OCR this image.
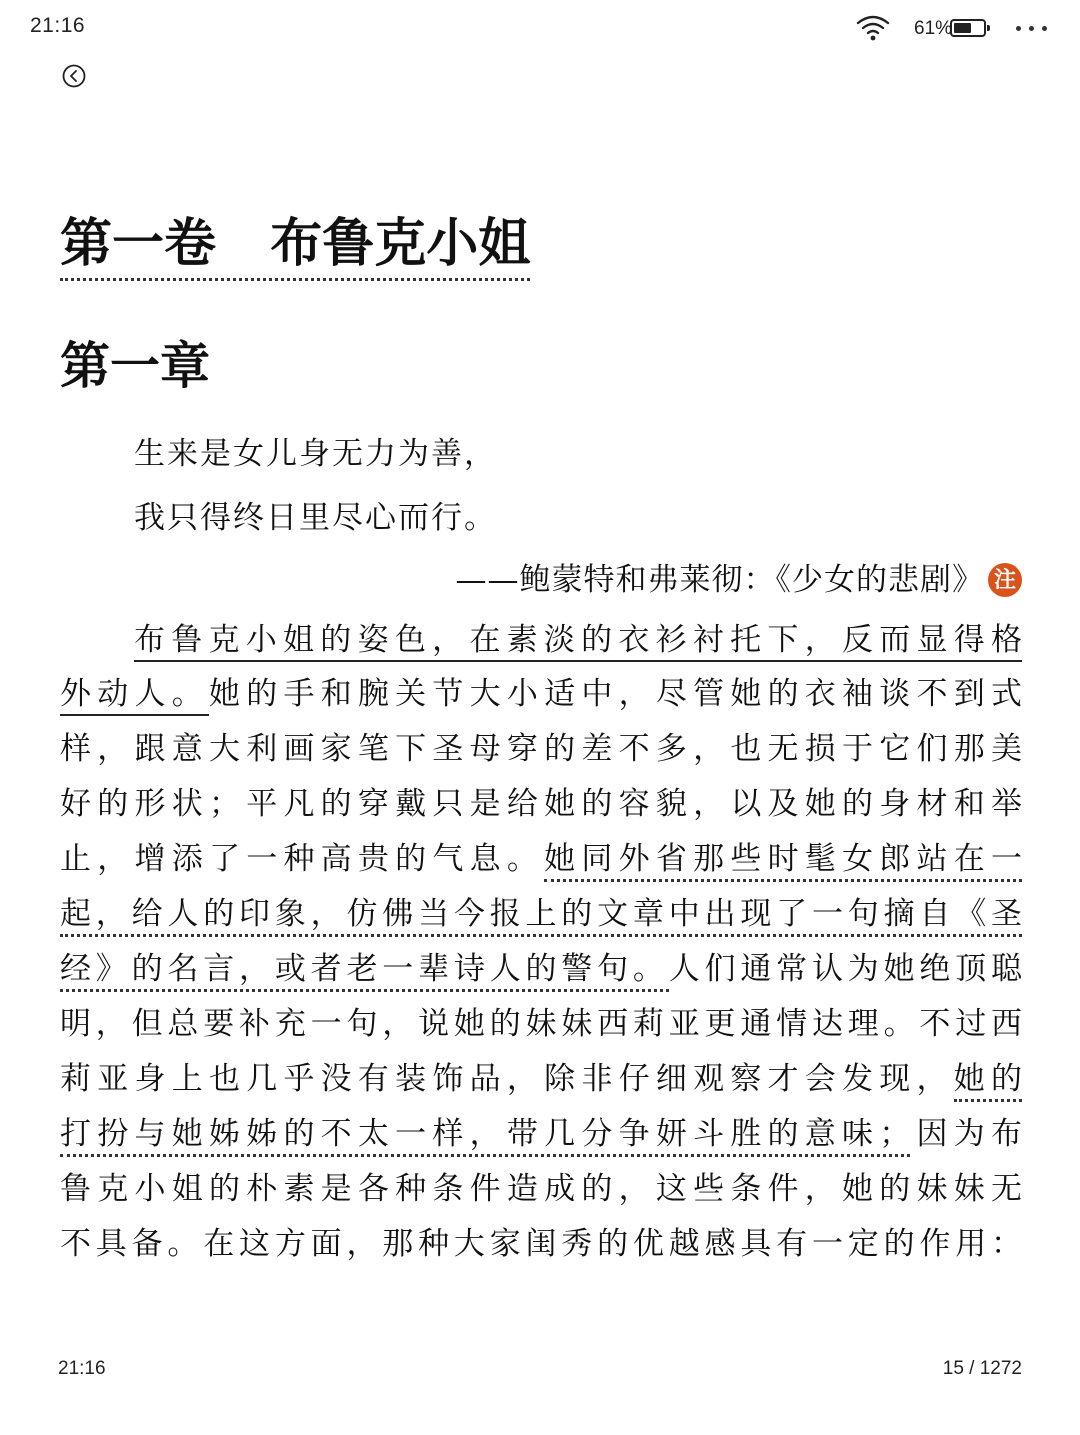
21:16	61%
第一卷   布鲁克小姐
第一章
生来是女儿身无力为善，
我只得终日里尽心而行。
——鲍蒙特和弗莱彻：《少女的悲剧》 注
布鲁克小姐的姿色，在素淡的衣衫衬托下，反而显得格
外动人。她的手和腕关节大小适中，尽管她的衣袖谈不到式
样，跟意大利画家笔下圣母穿的差不多，也无损于它们那美
好的形状；平凡的穿戴只是给她的容貌，以及她的身材和举
止，增添了一种高贵的气息。她同外省那些时髦女郎站在一
起，给人的印象，仿佛当今报上的文章中出现了一句摘自《圣
经》的名言，或者老一辈诗人的警句。人们通常认为她绝顶聪
明，但总要补充一句，说她的妹妹西莉亚更通情达理。不过西
莉亚身上也几乎没有装饰品，除非仔细观察才会发现，她的
打扮与她姊姊的不太一样，带几分争妍斗胜的意味；因为布
鲁克小姐的朴素是各种条件造成的，这些条件，她的妹妹无
不具备。在这方面，那种大家闺秀的优越感具有一定的作用：
21:16	15 / 1272
